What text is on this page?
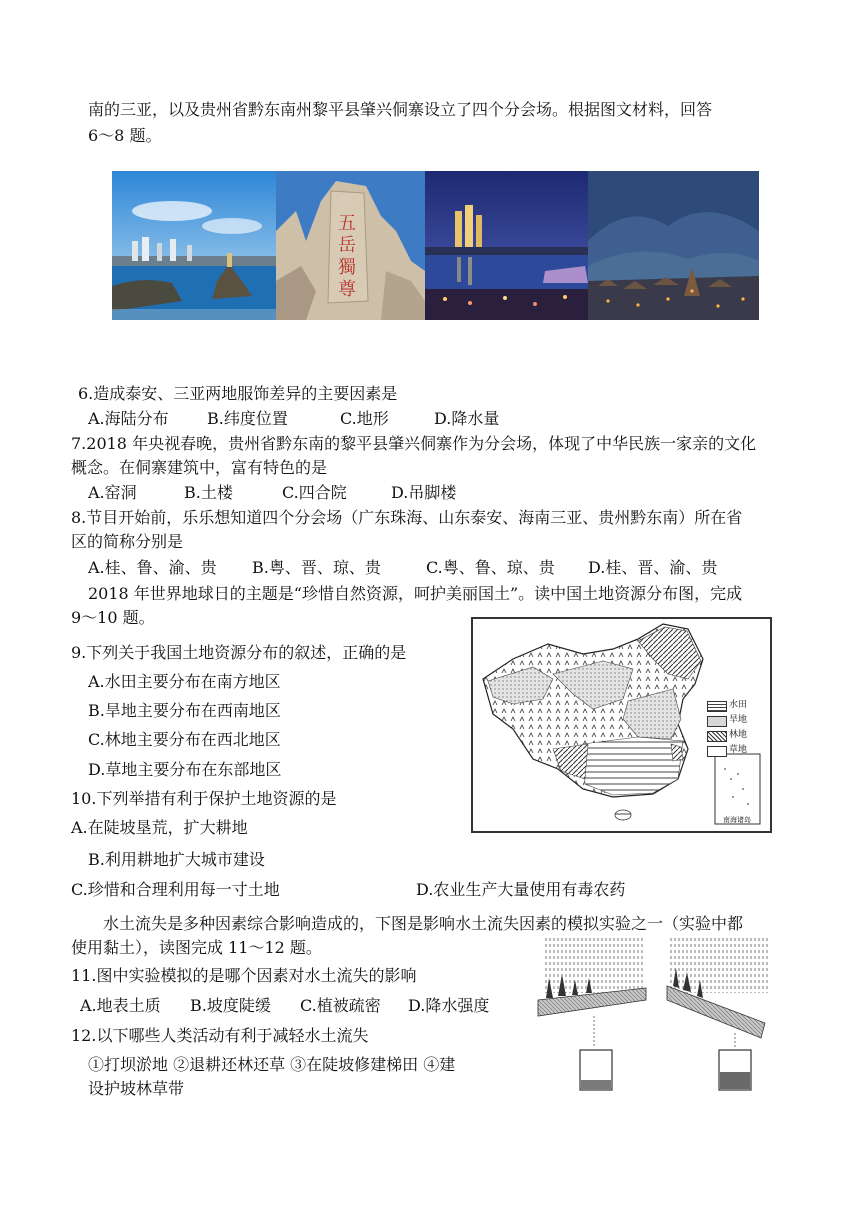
南的三亚，以及贵州省黔东南州黎平县肇兴侗寨设立了四个分会场。根据图文材料，回答
6～8 题。
五
岳
獨
尊
6.造成泰安、三亚两地服饰差异的主要因素是
A.海陆分布 B.纬度位置	C.地形	D.降水量
7.2018 年央视春晚，贵州省黔东南的黎平县肇兴侗寨作为分会场，体现了中华民族一家亲的文化
概念。在侗寨建筑中，富有特色的是
A.窑洞	B.土楼	C.四合院	D.吊脚楼
8.节目开始前，乐乐想知道四个分会场（广东珠海、山东泰安、海南三亚、贵州黔东南）所在省
区的简称分别是
A.桂、鲁、渝、贵 B.粤、晋、琼、贵	C.粤、鲁、琼、贵 D.桂、晋、渝、贵
2018 年世界地球日的主题是“珍惜自然资源，呵护美丽国土”。读中国土地资源分布图，完成
9～10 题。
9.下列关于我国土地资源分布的叙述，正确的是
A.水田主要分布在南方地区
B.旱地主要分布在西南地区
C.林地主要分布在西北地区
D.草地主要分布在东部地区
水田
旱地
林地
草地
南海诸岛
10.下列举措有利于保护土地资源的是
A.在陡坡垦荒，扩大耕地
B.利用耕地扩大城市建设
C.珍惜和合理利用每一寸土地	D.农业生产大量使用有毒农药
水土流失是多种因素综合影响造成的，下图是影响水土流失因素的模拟实验之一（实验中都
使用黏土），读图完成 11～12 题。
11.图中实验模拟的是哪个因素对水土流失的影响
A.地表土质 B.坡度陡缓 C.植被疏密 D.降水强度
12.以下哪些人类活动有利于减轻水土流失
①打坝淤地 ②退耕还林还草 ③在陡坡修建梯田 ④建
设护坡林草带
